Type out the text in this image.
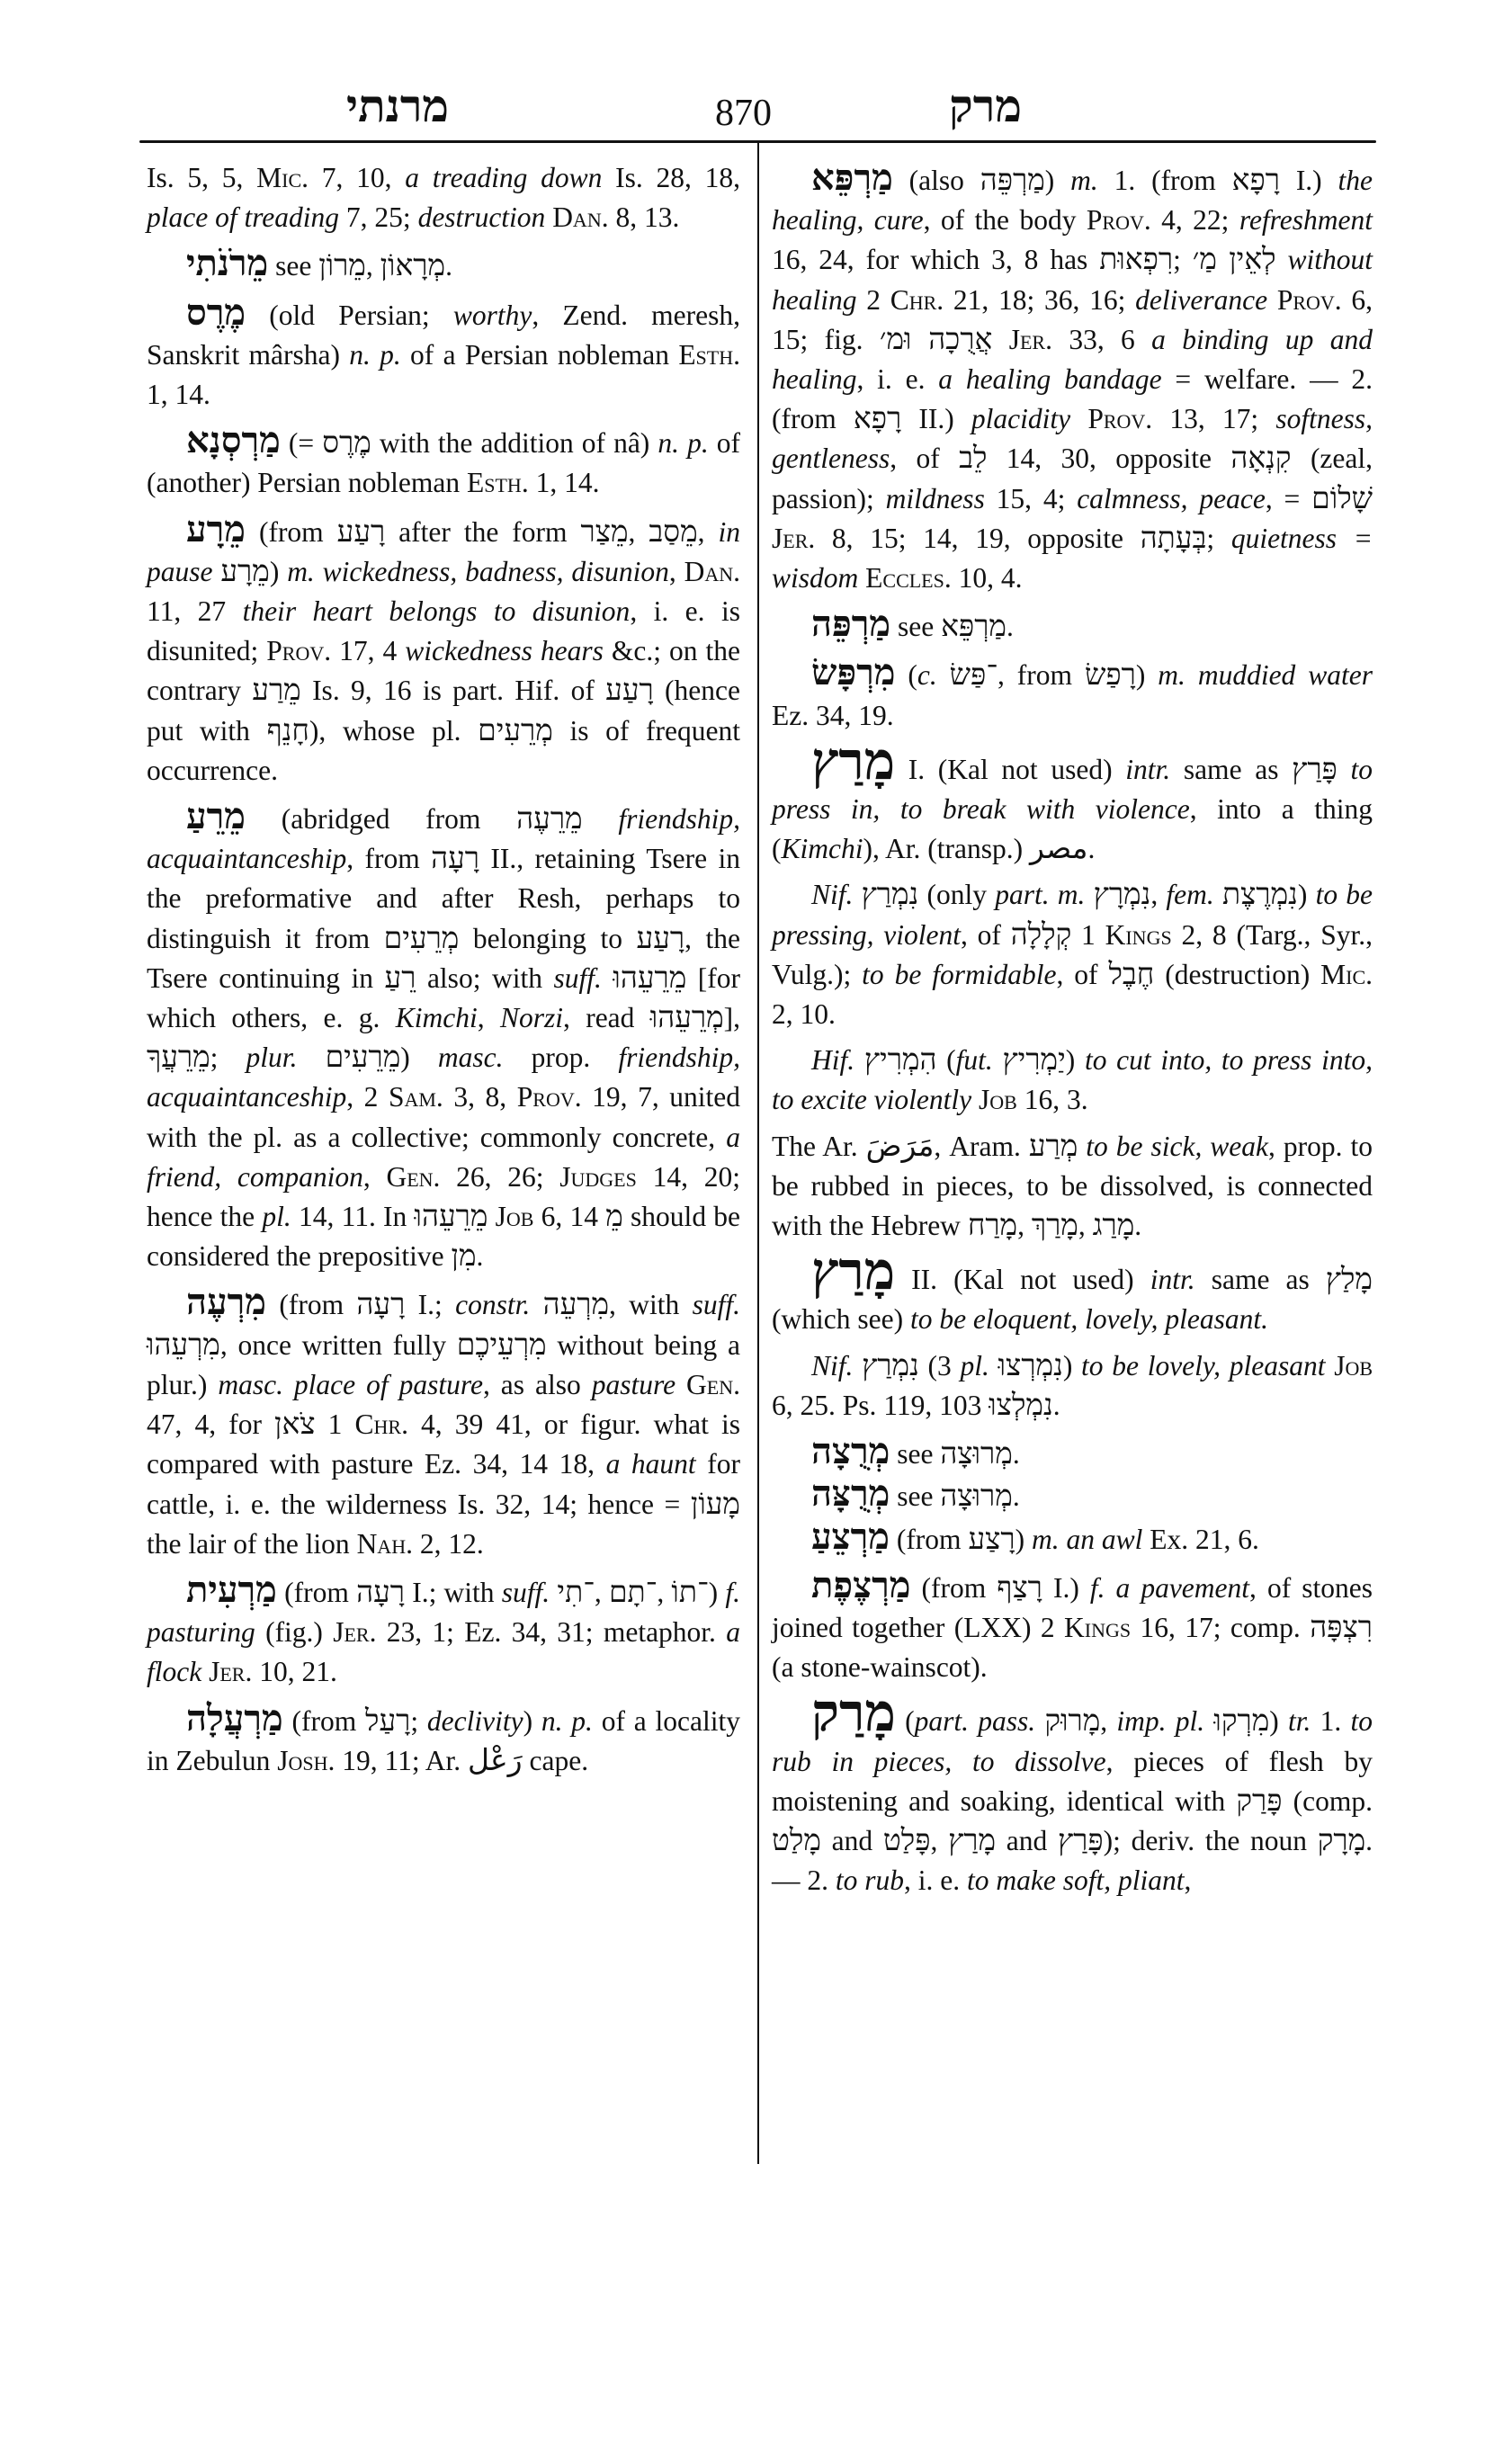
מרנתי	870	מרק

Is. 5, 5, Mic. 7, 10, a treading down Is. 28, 18, place of treading 7, 25; destruction Dan. 8, 13.

מֵרֹנֹתִי see מֵרוֹן, מְרָאוֹן.

מֶרֶס (old Persian; worthy, Zend. meresh, Sanskrit mârsha) n. p. of a Persian nobleman Esth. 1, 14.

מַרְסְנָא (= מֶרֶס with the addition of nâ) n. p. of (another) Persian nobleman Esth. 1, 14.

מֵרָע (from רָעַע after the form מֵצַר, מֵסַב, in pause מֵרָע) m. wickedness, badness, disunion, Dan. 11, 27 their heart belongs to disunion, i. e. is disunited; Prov. 17, 4 wickedness hears &c.; on the contrary מֵרַע Is. 9, 16 is part. Hif. of רָעַע (hence put with חָנֵף), whose pl. מְרֵעִים is of frequent occurrence.

מֵרֵעַ (abridged from מֵרֵעֶה friendship, acquaintanceship, from רָעָה II., retaining Tsere in the preformative and after Resh, perhaps to distinguish it from מְרֵעִים belonging to רָעַע, the Tsere continuing in רֵעַ also; with suff. מֵרֵעֵהוּ [for which others, e. g. Kimchi, Norzi, read מְרֵעֵהוּ], מֵרֵעֲךָ; plur. מֵרֵעִים) masc. prop. friendship, acquaintanceship, 2 Sam. 3, 8, Prov. 19, 7, united with the pl. as a collective; commonly concrete, a friend, companion, Gen. 26, 26; Judges 14, 20; hence the pl. 14, 11. In מֵרֵעֵהוּ Job 6, 14 מֵ should be considered the prepositive מִן.

מִרְעֶה (from רָעָה I.; constr. מִרְעֵה, with suff. מִרְעֵהוּ, once written fully מִרְעֵיכֶם without being a plur.) masc. place of pasture, as also pasture Gen. 47, 4, for צֹאן 1 Chr. 4, 39 41, or figur. what is compared with pasture Ez. 34, 14 18, a haunt for cattle, i. e. the wilderness Is. 32, 14; hence = מָעוֹן the lair of the lion Nah. 2, 12.

מַרְעִית (from רָעָה I.; with suff. ־תִי, ־תָם, ־תוֹ) f. pasturing (fig.) Jer. 23, 1; Ez. 34, 31; metaphor. a flock Jer. 10, 21.

מַרְעֲלָה (from רָעַל; declivity) n. p. of a locality in Zebulun Josh. 19, 11; Ar. رَعْل cape.

מַרְפֵּא (also מַרְפֵּה) m. 1. (from רָפָא I.) the healing, cure, of the body Prov. 4, 22; refreshment 16, 24, for which 3, 8 has רִפְאוּת; לְאֵין מַ׳ without healing 2 Chr. 21, 18; 36, 16; deliverance Prov. 6, 15; fig. אֲרֻכָה וּמ׳ Jer. 33, 6 a binding up and healing, i. e. a healing bandage = welfare. — 2. (from רָפָא II.) placidity Prov. 13, 17; softness, gentleness, of לֵב 14, 30, opposite קִנְאָה (zeal, passion); mildness 15, 4; calmness, peace, = שָׁלוֹם Jer. 8, 15; 14, 19, opposite בְּעָתָה; quietness = wisdom Eccles. 10, 4.

מַרְפֵּה see מַרְפֵּא.

מִרְפָּשׂ (c. ־פַּשׂ, from רָפַשׂ) m. muddied water Ez. 34, 19.

מָרַץ I. (Kal not used) intr. same as פָּרַץ to press in, to break with violence, into a thing (Kimchi), Ar. (transp.) مصر.

Nif. נִמְרַץ (only part. m. נִמְרָץ, fem. נִמְרֶצֶת) to be pressing, violent, of קְלָלָה 1 Kings 2, 8 (Targ., Syr., Vulg.); to be formidable, of חֶבֶל (destruction) Mic. 2, 10.

Hif. הִמְרִיץ (fut. יַמְרִיץ) to cut into, to press into, to excite violently Job 16, 3.

The Ar. مَرَضَ, Aram. מְרַע to be sick, weak, prop. to be rubbed in pieces, to be dissolved, is connected with the Hebrew מָרַח, מָרַךְ, מָרַג.

מָרַץ II. (Kal not used) intr. same as מָלַץ (which see) to be eloquent, lovely, pleasant.

Nif. נִמְרַץ (3 pl. נִמְרְצוּ) to be lovely, pleasant Job 6, 25. Ps. 119, 103 נִמְלְצוּ.

מְרֻצָה see מְרוּצָה.

מְרֻצָּה see מְרוּצָה.

מַרְצֵעַ (from רָצַע) m. an awl Ex. 21, 6.

מַרְצֶפֶת (from רָצַף I.) f. a pavement, of stones joined together (LXX) 2 Kings 16, 17; comp. רִצְפָּה (a stone-wainscot).

מָרַק (part. pass. מָרוּק, imp. pl. מִרְקוּ) tr. 1. to rub in pieces, to dissolve, pieces of flesh by moistening and soaking, identical with פָּרַק (comp. מָלַט and פָּלַט, מָרַץ and פָּרַץ); deriv. the noun מָרָק. — 2. to rub, i. e. to make soft, pliant,
